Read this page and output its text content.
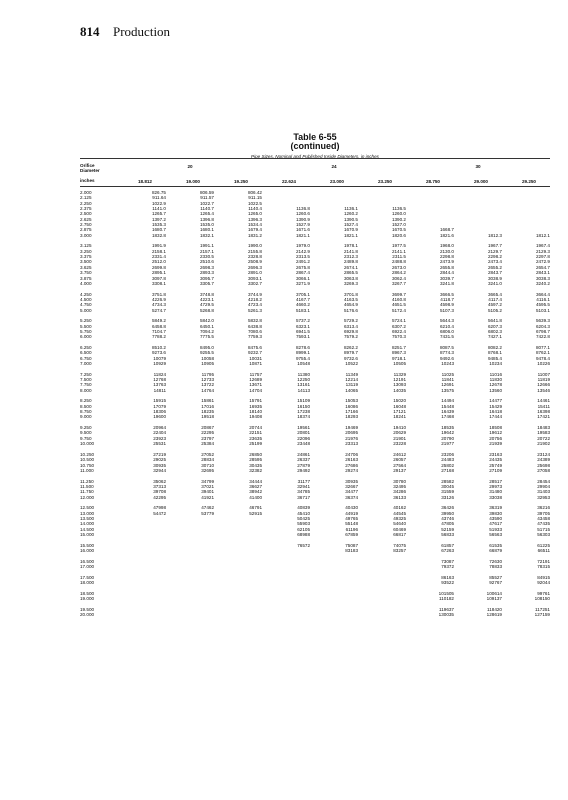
814 Production
Table 6-55
(continued)
Pipe Sizes, Nominal and Published Inside Diameters, in inches
Orifice
Diameter
inches
20	24	30
18.812	19.000	19.250	22.624	23.000	23.250	28.750	29.000	29.250
2.000	826.75	806.59	806.42						
2.125	911.64	911.57	911.15						
2.250	1022.9	1022.7	1022.5						
2.375	1141.0	1140.7	1140.4	1136.8	1136.1	1136.5			
2.500	1265.7	1265.4	1265.0	1260.6	1260.2	1260.0			
2.625	1397.2	1396.8	1396.3	1390.9	1390.5	1390.2			
2.750	1535.3	1535.0	1534.4	1527.9	1527.4	1527.0			
2.875	1680.7	1680.1	1679.4	1671.6	1670.9	1670.5	1668.7		
3.000	1832.8	1832.1	1831.2	1821.1	1821.1	1820.6	1821.6	1812.3	1812.1

3.125	1991.9	1991.1	1990.0	1979.0	1978.1	1977.5	1968.0	1967.7	1967.4
3.250	2158.1	2157.1	2155.8	2142.9	2141.8	2141.1	2130.0	2129.7	2129.3
3.375	2331.4	2330.5	2328.8	2313.5	2312.3	2311.5	2298.8	2298.2	2297.8
3.500	2512.0	2510.6	2508.9	2491.2	2489.8	2488.8	2473.9	2473.4	2472.9
3.625	2699.8	2698.3	2696.3	2675.8	2674.1	2673.0	2655.8	2655.2	2654.7
3.750	2895.1	2893.3	2891.0	2867.4	2865.5	2864.2	2844.4	2843.7	2843.1
3.875	3097.8	3095.7	3093.1	3066.1	3063.8	3062.4	3039.7	3038.9	3038.3
4.000	3308.1	3305.7	3302.7	3271.9	3269.3	3267.7	3241.8	3241.0	3240.2

4.250	3751.8	3748.8	3744.9	3705.1	3701.8	3699.7	3666.5	3665.4	3664.4
4.500	4226.9	4223.1	4218.2	4167.7	4163.5	4160.8	4118.7	4117.4	4116.1
4.750	4734.3	4729.5	4723.4	4660.2	4654.9	4651.5	4598.9	4597.2	4595.5
5.000	5274.7	5268.8	5261.3	5183.1	5176.6	5172.4	5107.3	5105.2	5103.1

5.250	5849.2	5842.0	5832.8	5737.2	5729.2	5724.1	5644.3	5641.8	5639.3
5.500	6458.8	6450.1	6438.8	6323.1	6313.4	6307.2	6210.4	6207.3	6204.3
5.750	7104.7	7094.2	7080.6	6941.5	6929.8	6922.4	6806.0	6802.3	6798.7
6.000	7788.2	7775.5	7759.3	7593.1	7579.2	7570.3	7431.5	7427.1	7422.8

6.250	8510.2	8495.0	8475.6	8278.6	8262.2	8251.7	8087.5	8082.2	8077.1
6.500	9273.6	9255.5	9232.7	8999.1	8979.7	8967.3	8774.3	8768.1	8762.1
6.750	10079	10058	10031	9755.4	9732.6	9718.1	9492.6	9485.4	9478.4
7.000	10929	10905	10871	10548	10522	10505	10243	10234	10226

7.250	11824	11795	11757	11380	11349	11329	11025	11016	11007
7.500	12768	12733	12689	12250	12214	12191	11841	11830	11819
7.750	13763	13722	13671	13161	13119	13093	12691	12678	12666
8.000	14811	14764	14704	14113	14065	14035	13575	13560	13546

8.250	15915	15861	15791	15109	15053	15020	14494	14477	14461
8.500	17079	17016	16935	16150	16086	16048	15448	15429	15411
8.750	18306	18235	18140	17238	17166	17121	16439	16418	16398
9.000	19600	19518	19408	18374	18293	18241	17468	17444	17421

9.250	20964	20867	20744	19561	19469	19410	18535	18508	18483
9.500	22404	22295	22151	20801	20695	20629	19642	19612	19583
9.750	23923	23797	23635	22096	21976	21901	20790	20756	20722
10.000	25531	25384	25199	23448	23313	23228	21977	21939	21902

10.250	27219	27052	26850	24861	24706	24612	23206	23163	23124
10.500	29025	28834	28595	26337	26163	26057	24483	24435	24389
10.750	30935	30710	30435	27879	27686	27564	25802	25749	25698
11.000	32944	32695	32382	29492	29274	29137	27168	27109	27058

11.250	35062	34799	34444	31177	30935	30780	28582	28517	28454
11.500	37313	37021	36627	32941	32667	32495	30045	29973	29904
11.750	39708	39401	38942	34785	34477	34286	31559	31480	31403
12.000	42295	41921	41400	36717	36374	36133	33126	33038	32953

12.500	47998	47462	46791	40839	40430	40162	36426	36319	36216
13.000	54472	53779	52915	45410	44919	44545	39950	39830	39705
13.500				50425	49765	49325	43746	43590	43458
14.000				55903	55148	54640	47805	47617	47435
14.500				62105	61196	60469	52159	51933	51715
15.000				68988	67859	66817	56833	56563	56303

15.500				76572	75087	74075	61857	61535	61225
16.000					83183	83257	67263	66879	66511

16.500							73087	72630	72191
17.000							79372	78833	78315

17.500							86163	85527	84915
18.000							93522	92767	92044

18.500							101505	100614	99761
19.000							110182	109137	108150

19.500							119637	118420	117251
20.000							130035	128619	127159
